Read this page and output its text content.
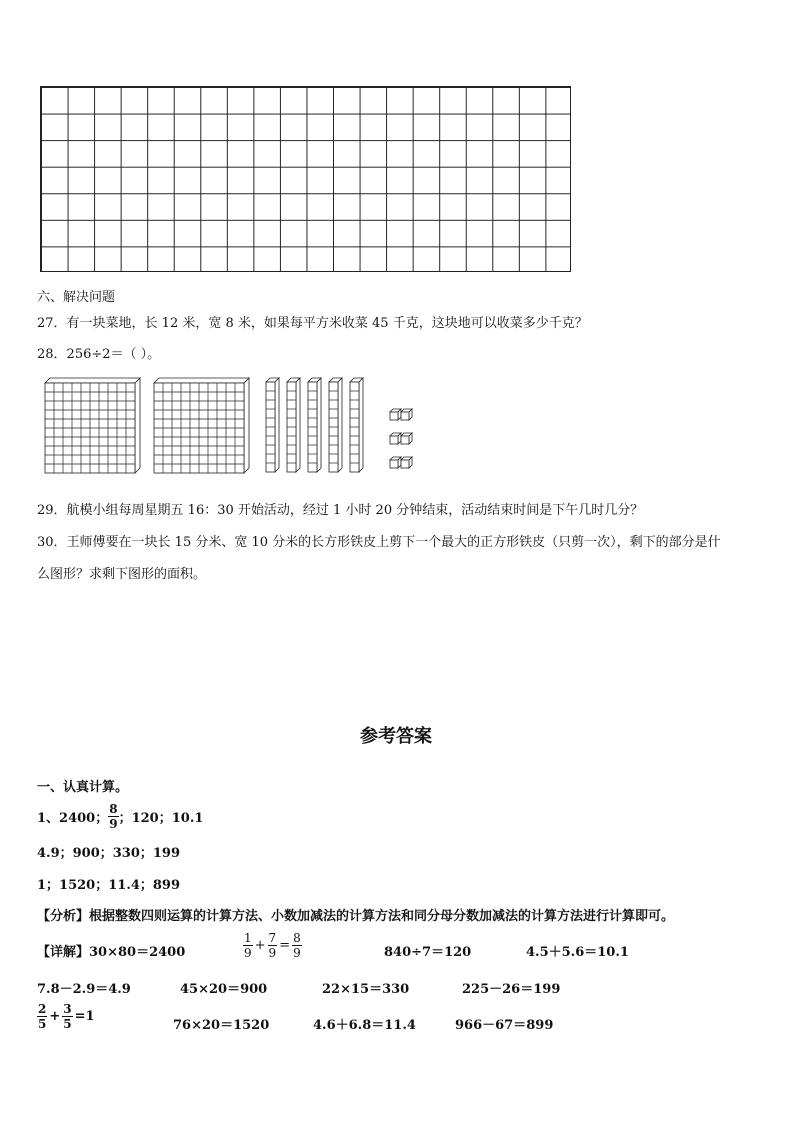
六、解决问题
27．有一块菜地，长 12 米，宽 8 米，如果每平方米收菜 45 千克，这块地可以收菜多少千克？
28．256÷2＝（ ）。
29．航模小组每周星期五 16：30 开始活动，经过 1 小时 20 分钟结束，活动结束时间是下午几时几分？
30．王师傅要在一块长 15 分米、宽 10 分米的长方形铁皮上剪下一个最大的正方形铁皮（只剪一次），剩下的部分是什
么图形？求剩下图形的面积。
参考答案
一、认真计算。
1、2400； $\frac{8}{9}$ ；120；10.1
4.9；900；330；199
1；1520；11.4；899
【分析】根据整数四则运算的计算方法、小数加减法的计算方法和同分母分数加减法的计算方法进行计算即可。
【详解】30×80＝2400	$\frac{1}{9} + \frac{7}{9} = \frac{8}{9}$	840÷7＝120	4.5＋5.6＝10.1
7.8－2.9＝4.9	45×20＝900	22×15＝330	225－26＝199
$\frac{2}{5} + \frac{3}{5} =1$
76×20＝1520	4.6＋6.8＝11.4	966－67＝899
